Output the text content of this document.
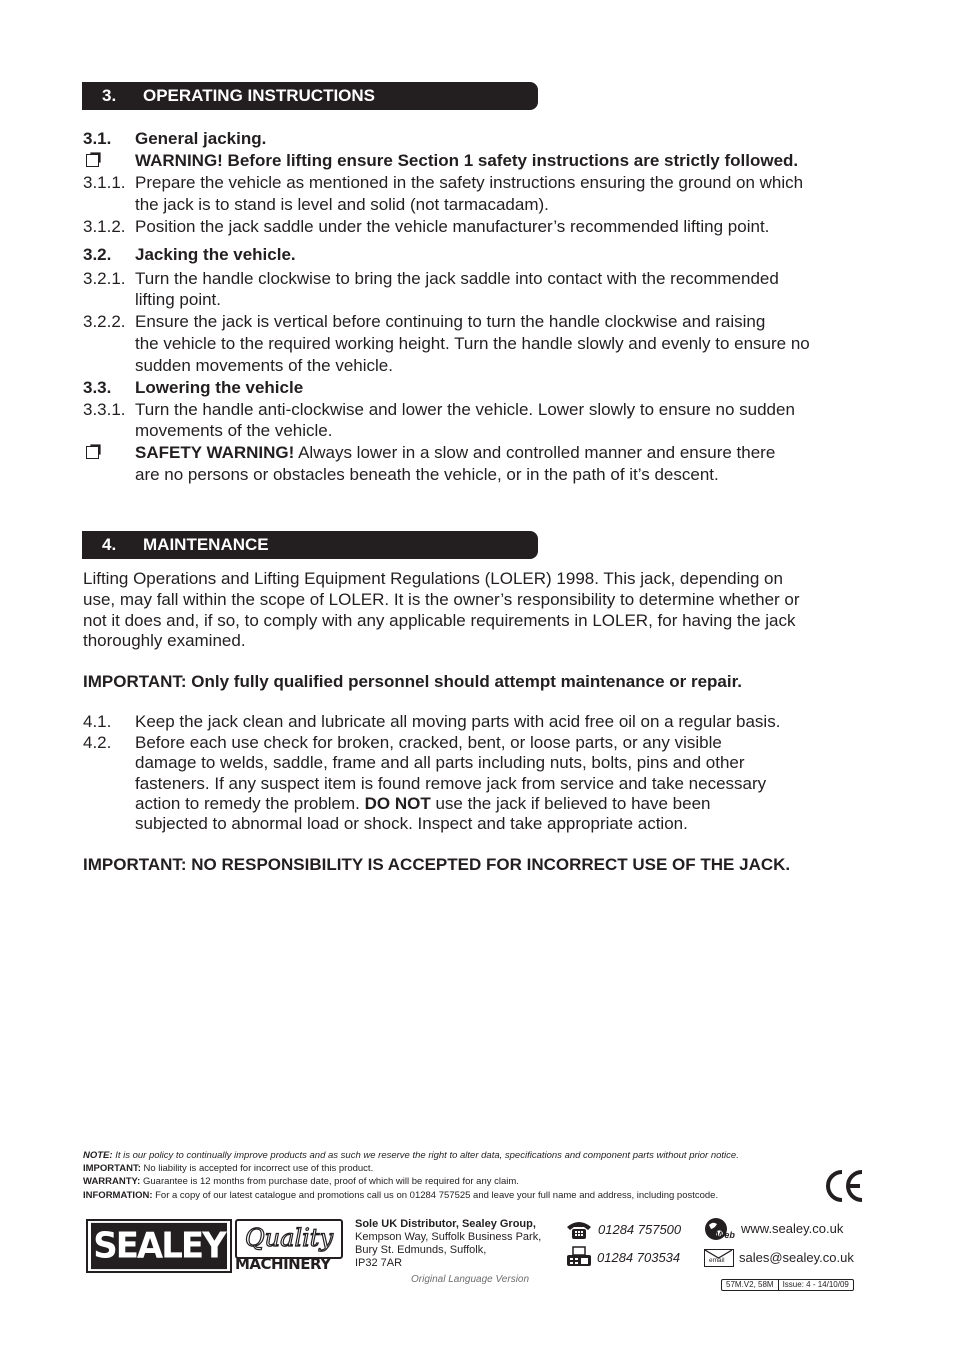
3. OPERATING INSTRUCTIONS
3.1. General jacking.
WARNING! Before lifting ensure Section 1 safety instructions are strictly followed.
3.1.1. Prepare the vehicle as mentioned in the safety instructions ensuring the ground on which
the jack is to stand is level and solid (not tarmacadam).
3.1.2. Position the jack saddle under the vehicle manufacturer’s recommended lifting point.
3.2. Jacking the vehicle.
3.2.1. Turn the handle clockwise to bring the jack saddle into contact with the recommended
lifting point.
3.2.2. Ensure the jack is vertical before continuing to turn the handle clockwise and raising
the vehicle to the required working height. Turn the handle slowly and evenly to ensure no
sudden movements of the vehicle.
3.3. Lowering the vehicle
3.3.1. Turn the handle anti-clockwise and lower the vehicle. Lower slowly to ensure no sudden
movements of the vehicle.
SAFETY WARNING! Always lower in a slow and controlled manner and ensure there
are no persons or obstacles beneath the vehicle, or in the path of it’s descent.
4. MAINTENANCE
Lifting Operations and Lifting Equipment Regulations (LOLER) 1998. This jack, depending on
use, may fall within the scope of LOLER. It is the owner’s responsibility to determine whether or
not it does and, if so, to comply with any applicable requirements in LOLER, for having the jack
thoroughly examined.
IMPORTANT: Only fully qualified personnel should attempt maintenance or repair.
4.1. Keep the jack clean and lubricate all moving parts with acid free oil on a regular basis.
4.2. Before each use check for broken, cracked, bent, or loose parts, or any visible
damage to welds, saddle, frame and all parts including nuts, bolts, pins and other
fasteners. If any suspect item is found remove jack from service and take necessary
action to remedy the problem. DO NOT use the jack if believed to have been
subjected to abnormal load or shock. Inspect and take appropriate action.
IMPORTANT: NO RESPONSIBILITY IS ACCEPTED FOR INCORRECT USE OF THE JACK.
NOTE: It is our policy to continually improve products and as such we reserve the right to alter data, specifications and component parts without prior notice.
IMPORTANT: No liability is accepted for incorrect use of this product.
WARRANTY: Guarantee is 12 months from purchase date, proof of which will be required for any claim.
INFORMATION: For a copy of our latest catalogue and promotions call us on 01284 757525 and leave your full name and address, including postcode.
SEALEY Quality
MACHINERY
Sole UK Distributor, Sealey Group,
Kempson Way, Suffolk Business Park,
Bury St. Edmunds, Suffolk,
IP32 7AR
01284 757500
01284 703534
Web www.sealey.co.uk
email sales@sealey.co.uk
Original Language Version	57M.V2, 58M	Issue: 4 - 14/10/09
